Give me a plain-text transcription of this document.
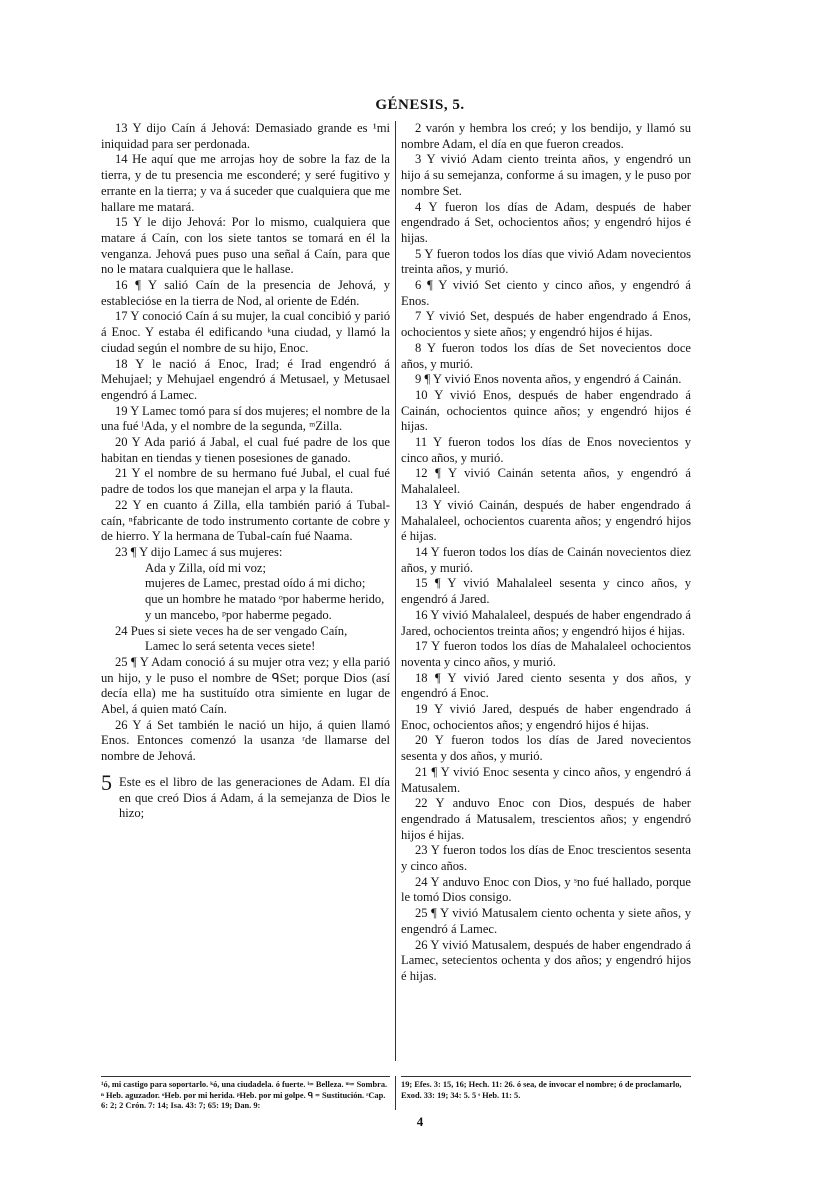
GÉNESIS, 5.

13 Y dijo Caín á Jehová: Demasiado grande es ¹mi iniquidad para ser perdonada.

14 He aquí que me arrojas hoy de sobre la faz de la tierra, y de tu presencia me esconderé; y seré fugitivo y errante en la tierra; y va á suceder que cualquiera que me hallare me matará.

15 Y le dijo Jehová: Por lo mismo, cualquiera que matare á Caín, con los siete tantos se tomará en él la venganza. Jehová pues puso una señal á Caín, para que no le matara cualquiera que le hallase.

16 ¶ Y salió Caín de la presencia de Jehová, y establecióse en la tierra de Nod, al oriente de Edén.

17 Y conoció Caín á su mujer, la cual concibió y parió á Enoc. Y estaba él edificando ᵏuna ciudad, y llamó la ciudad según el nombre de su hijo, Enoc.

18 Y le nació á Enoc, Irad; é Irad engendró á Mehujael; y Mehujael engendró á Metusael, y Metusael engendró á Lamec.

19 Y Lamec tomó para sí dos mujeres; el nombre de la una fué ˡAda, y el nombre de la segunda, ᵐZilla.

20 Y Ada parió á Jabal, el cual fué padre de los que habitan en tiendas y tienen posesiones de ganado.

21 Y el nombre de su hermano fué Jubal, el cual fué padre de todos los que manejan el arpa y la flauta.

22 Y en cuanto á Zilla, ella también parió á Tubal-caín, ⁿfabricante de todo instrumento cortante de cobre y de hierro. Y la hermana de Tubal-caín fué Naama.

23 ¶ Y dijo Lamec á sus mujeres:

Ada y Zilla, oíd mi voz;

mujeres de Lamec, prestad oído á mi dicho;

que un hombre he matado ᵒpor haberme herido,

y un mancebo, ᵖpor haberme pegado.

24 Pues si siete veces ha de ser vengado Caín,

Lamec lo será setenta veces siete!

25 ¶ Y Adam conoció á su mujer otra vez; y ella parió un hijo, y le puso el nombre de ᑫSet; porque Dios (así decía ella) me ha sustituído otra simiente en lugar de Abel, á quien mató Caín.

26 Y á Set también le nació un hijo, á quien llamó Enos. Entonces comenzó la usanza ʳde llamarse del nombre de Jehová.

5 Este es el libro de las generaciones de Adam. El día en que creó Dios á Adam, á la semejanza de Dios le hizo;

2 varón y hembra los creó; y los bendijo, y llamó su nombre Adam, el día en que fueron creados.

3 Y vivió Adam ciento treinta años, y engendró un hijo á su semejanza, conforme á su imagen, y le puso por nombre Set.

4 Y fueron los días de Adam, después de haber engendrado á Set, ochocientos años; y engendró hijos é hijas.

5 Y fueron todos los días que vivió Adam novecientos treinta años, y murió.

6 ¶ Y vivió Set ciento y cinco años, y engendró á Enos.

7 Y vivió Set, después de haber engendrado á Enos, ochocientos y siete años; y engendró hijos é hijas.

8 Y fueron todos los días de Set novecientos doce años, y murió.

9 ¶ Y vivió Enos noventa años, y engendró á Cainán.

10 Y vivió Enos, después de haber engendrado á Cainán, ochocientos quince años; y engendró hijos é hijas.

11 Y fueron todos los días de Enos novecientos y cinco años, y murió.

12 ¶ Y vivió Cainán setenta años, y engendró á Mahalaleel.

13 Y vivió Cainán, después de haber engendrado á Mahalaleel, ochocientos cuarenta años; y engendró hijos é hijas.

14 Y fueron todos los días de Cainán novecientos diez años, y murió.

15 ¶ Y vivió Mahalaleel sesenta y cinco años, y engendró á Jared.

16 Y vivió Mahalaleel, después de haber engendrado á Jared, ochocientos treinta años; y engendró hijos é hijas.

17 Y fueron todos los días de Mahalaleel ochocientos noventa y cinco años, y murió.

18 ¶ Y vivió Jared ciento sesenta y dos años, y engendró á Enoc.

19 Y vivió Jared, después de haber engendrado á Enoc, ochocientos años; y engendró hijos é hijas.

20 Y fueron todos los días de Jared novecientos sesenta y dos años, y murió.

21 ¶ Y vivió Enoc sesenta y cinco años, y engendró á Matusalem.

22 Y anduvo Enoc con Dios, después de haber engendrado á Matusalem, trescientos años; y engendró hijos é hijas.

23 Y fueron todos los días de Enoc trescientos sesenta y cinco años.

24 Y anduvo Enoc con Dios, y ˢno fué hallado, porque le tomó Dios consigo.

25 ¶ Y vivió Matusalem ciento ochenta y siete años, y engendró á Lamec.

26 Y vivió Matusalem, después de haber engendrado á Lamec, setecientos ochenta y dos años; y engendró hijos é hijas.

¹ó, mi castigo para soportarlo. ᵏó, una ciudadela. ó fuerte. ˡ= Belleza. ᵐ= Sombra. ⁿ Heb. aguzador. ᵒHeb. por mi herida. ᵖHeb. por mi golpe. ᑫ = Sustitución. ʳCap. 6: 2; 2 Crón. 7: 14; Isa. 43: 7; 65: 19; Dan. 9:
19; Efes. 3: 15, 16; Hech. 11: 26. ó sea, de invocar el nombre; ó de proclamarlo, Exod. 33: 19; 34: 5. 5 ˢ Heb. 11: 5.
4
